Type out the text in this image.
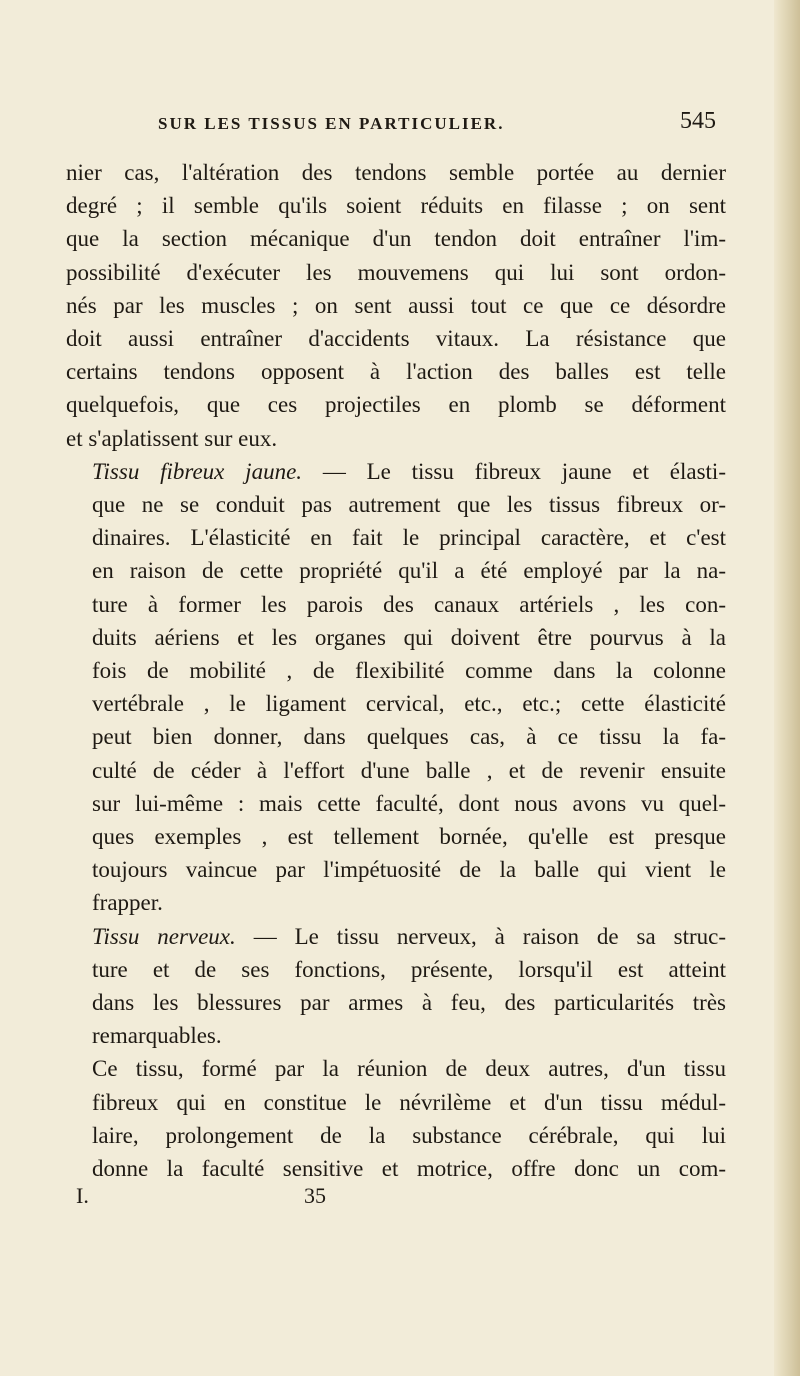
SUR LES TISSUS EN PARTICULIER.	545

nier cas, l'altération des tendons semble portée au dernier
degré ; il semble qu'ils soient réduits en filasse ; on sent
que la section mécanique d'un tendon doit entraîner l'im-
possibilité d'exécuter les mouvemens qui lui sont ordon-
nés par les muscles ; on sent aussi tout ce que ce désordre
doit aussi entraîner d'accidents vitaux. La résistance que
certains tendons opposent à l'action des balles est telle
quelquefois, que ces projectiles en plomb se déforment
et s'aplatissent sur eux.

Tissu fibreux jaune. — Le tissu fibreux jaune et élasti-
que ne se conduit pas autrement que les tissus fibreux or-
dinaires. L'élasticité en fait le principal caractère, et c'est
en raison de cette propriété qu'il a été employé par la na-
ture à former les parois des canaux artériels , les con-
duits aériens et les organes qui doivent être pourvus à la
fois de mobilité , de flexibilité comme dans la colonne
vertébrale , le ligament cervical, etc., etc.; cette élasticité
peut bien donner, dans quelques cas, à ce tissu la fa-
culté de céder à l'effort d'une balle , et de revenir ensuite
sur lui-même : mais cette faculté, dont nous avons vu quel-
ques exemples , est tellement bornée, qu'elle est presque
toujours vaincue par l'impétuosité de la balle qui vient le
frapper.

Tissu nerveux. — Le tissu nerveux, à raison de sa struc-
ture et de ses fonctions, présente, lorsqu'il est atteint
dans les blessures par armes à feu, des particularités très
remarquables.

Ce tissu, formé par la réunion de deux autres, d'un tissu
fibreux qui en constitue le névrilème et d'un tissu médul-
laire, prolongement de la substance cérébrale, qui lui
donne la faculté sensitive et motrice, offre donc un com-

I.	35
